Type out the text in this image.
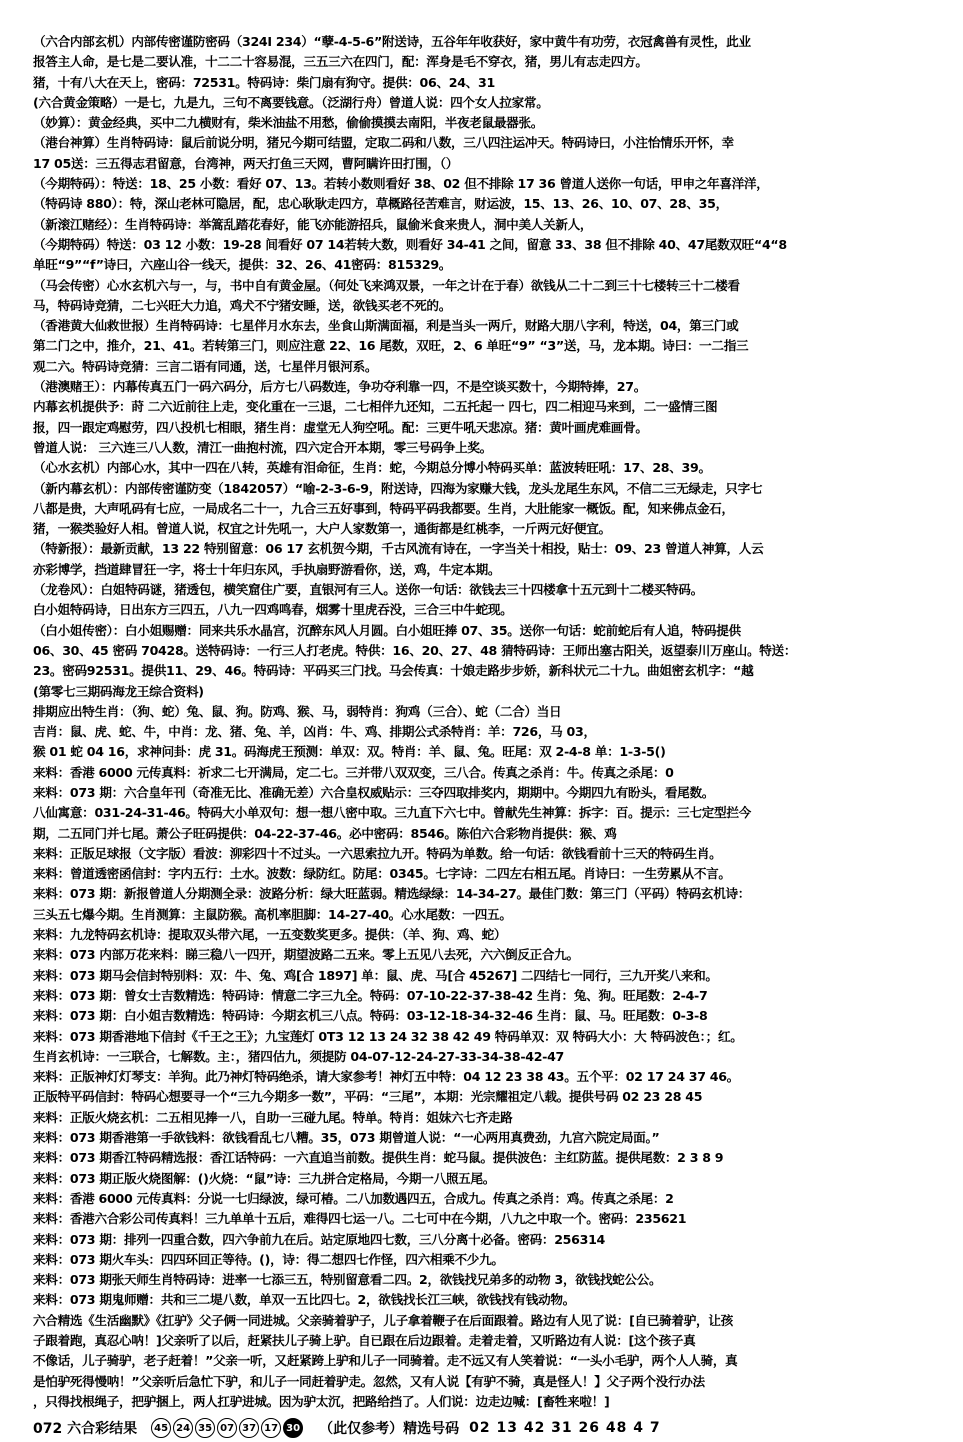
（六合内部玄机）内部传密谨防密码（324I 234）“孽-4-5-6”附送诗，五谷年年收获好，家中黄牛有功劳，衣冠禽兽有灵性，此业
报答主人命，是七是二要认准，十二二十容易混，三五三六在四门，配：浑身是毛不穿衣，猪，男儿有志走四方。
猪，十有八大在天上，密码：72531。特码诗：柴门扇有狗守。提供：06、24、31
(六合黄金策略）一是七，九是九，三句不离要钱意。（泛湖行舟）曾道人说：四个女人拉家常。
（妙算）：黄金经典，买中二九横财有，柴米油盐不用愁，偷偷摸摸去南阳，半夜老鼠最器张。
（港台神算）生肖特码诗：鼠后前说分明，猪兄今期可结盟，定取二码和八数，三八四注运冲天。特码诗曰，小注怡情乐开怀，幸
17 05送：三五得志君留意，台湾神，两天打鱼三天网，曹阿瞒许田打围，（）
（今期特码）：特送：18、25 小数：看好 07、13。若转小数则看好 38、02 但不排除 17 36 曾道人送你一句话，甲申之年喜洋洋，
（特码诗 880）：特，深山老林可隐居，配，忠心耿耿走四方，草概路径苦难言，财运波，15、13、26、10、07、28、35，
（新滚江赌经）：生肖特码诗：举篙乱踏花春好，能飞亦能游招兵，鼠偷米食来贵人，洞中美人关新人，
（今期特码）特送：03 12 小数：19-28 间看好 07 14若转大数，则看好 34-41 之间，留意 33、38 但不排除 40、47尾数双旺“4“8
单旺“9”“f”诗曰，六座山谷一线天，提供：32、26、41密码：815329。
（马会传密）心水玄机六与一，与，书中自有黄金屋。（何处飞来鸿双景，一年之计在于春）欲钱从二十二到三十七楼转三十二楼看
马，特码诗竞猜，二七兴旺大力追，鸡犬不宁猪安睡，送，欲钱买老不死的。
（香港黄大仙救世报）生肖特码诗：七星伴月水东去，坐食山斯满面福，利是当头一两斤，财路大朋八字利，特送，04，第三门或
第二门之中，推介，21、41。若转第三门，则应注意 22、16 尾数，双旺，2、6 单旺“9” “3”送，马，龙本期。诗曰：一二指三
观二六。特码诗竞猜：三言二语有同通，送，七星伴月银河系。
（港澳赌王）：内幕传真五门一码六码分，后方七八码数连，争功夺利靠一四，不是空谈买数十，今期特捧，27。
内幕玄机提供予：莳 二六近前往上走，变化重在一三退，二七相伴九还知，二五托起一 四七，四二相迎马来到，二一盛情三图
报，四一跟定鸡慰劳，四八投机七相眼，猪生肖：虚堂无人狗空吼。配：三更牛吼天悲凉。猪：黄叶画虎难画骨。
曾道人说： 三六连三八人数，清江一曲抱村流，四六定合开本期，零三号码争上奖。
（心水玄机）内部心水，其中一四在八转，英雄有泪命征，生肖：蛇，今期总分博小特码买单：蓝波转旺吼：17、28、39。
（新内幕玄机）：内部传密谨防变（1842057）“喻-2-3-6-9，附送诗，四海为家赚大钱，龙头龙尾生东风，不信二三无绿走，只字七
八都是贵，大声吼码有七应，一局成名二十一，九合三五好事到，特码平码我都要。生肖，大肚能家一概饭。配，知来佛点金石，
猪，一猴类验好人相。曾道人说，权宜之计先吼一，大户人家数第一，通街都是红桃李，一斤两元好便宜。
（特新报）：最新贡献，13 22 特别留意：06 17 玄机贺今期，千古风流有诗在，一字当关十相投，贴士：09、23 曾道人神算，人云
亦彩博学，挡道肆冒狂一字，将士十年归东风，手执扇野游看你，送，鸡，牛定本期。
（龙卷风）：白姐特码谜，猪透包，横笑窟住广要，直银河有三人。送你一句话：欲钱去三十四楼拿十五元到十二楼买特码。
白小姐特码诗，日出东方三四五，八九一四鸡鸣春，烟雾十里虎吞没，三合三中牛蛇现。
（白小姐传密）：白小姐赐赠：同来共乐水晶宫，沉醉东风人月圆。白小姐旺捧 07、35。送你一句话：蛇前蛇后有人追，特码提供
06、30、45 密码 70428。送特码诗：一行三人打老虎。特供：16、20、27、48 猜特码诗：王师出塞古阳关，返望泰川万座山。特送：
23。密码92531。提供11、29、46。特码诗：平码买三门找。马会传真：十娘走路步步娇，新科状元二十九。曲姐密玄机字：“越
(第零七三期码海龙王综合资料)
排期应出特生肖：（狗、蛇）兔、鼠、狗。防鸡、猴、马，弱特肖：狗鸡（三合）、蛇（二合）当日
吉肖：鼠、虎、蛇、牛，中肖：龙、猪、兔、羊，凶肖：牛、鸡、排期公式杀特肖：羊：726，马 03，
猴 01 蛇 04 16，求神问卦：虎 31。码海虎王预测：单双：双。特肖：羊、鼠、兔。旺尾：双 2-4-8 单：1-3-5()
来料：香港 6000 元传真料：祈求二七开满局，定二七。三并带八双双变，三八合。传真之杀肖：牛。传真之杀尾：0
来料：073 期：六合皇年刊（奇准无比、准确无差）六合皇权威贴示：三夺四取排奖内，期期中。今期四九有盼头，看尾数。
八仙寓意：031-24-31-46。特码大小单双句：想一想八密中取。三九直下六七中。曾献先生神算：拆字：百。提示：三七定型拦今
期，二五同门并七尾。萧公子旺码提供：04-22-37-46。必中密码：8546。陈伯六合彩物肖提供：猴、鸡
来料：正版足球报（文字版）看波：泖彩四十不过头。一六思索拉九开。特码为单数。给一句话：欲钱看前十三天的特码生肖。
来料：曾道透密函信封：字内五行：土水。波数：绿防红。防尾：0345。七字诗：二四左右相五尾。肖诗曰：一生劳累从不言。
来料：073 期：新报曾道人分期测全录：波路分析：绿大旺蓝弱。精选绿绿：14-34-27。最佳门数：第三门（平码）特码玄机诗：
三头五七爆今期。生肖测算：主鼠防猴。高机率胆脚：14-27-40。心水尾数：一四五。
来料：九龙特码玄机诗：提取双头带六尾，一五变数奖更多。提供：（羊、狗、鸡、蛇）
来料：073 内部万花来料：睇三稳八一四开，期望波路二五来。零上五见八去死，六六倒反正合九。
来料：073 期马会信封特别料：双：牛、兔、鸡[合 1897] 单：鼠、虎、马[合 45267] 二四结七一同行，三九开奖八来和。
来料：073 期：曾女士吉数精选：特码诗：情意二字三九全。特码：07-10-22-37-38-42 生肖：兔、狗。旺尾数：2-4-7
来料：073 期：白小姐吉数精选：特码诗：今期玄机三八点。特码：03-12-18-34-32-46 生肖：鼠、马。旺尾数：0-3-8
来料：073 期香港地下信封《千王之王》；九宝莲灯 0T3 12 13 24 32 38 42 49 特码单双：双 特码大小：大 特码波色：；红。
生肖玄机诗：一三联合，七解数。主：，猪四估九，须提防 04-07-12-24-27-33-34-38-42-47
来料：正版神灯灯琴支：羊狗。此乃神灯特码绝杀，请大家参考！神灯五中特：04 12 23 38 43。五个平：02 17 24 37 46。
正版特平码信封：特码心想要寻一个“三九今期多一数”，平码：“三尾”，本期：光宗耀祖定八载。提供号码 02 23 28 45
来料：正版火烧玄机：二五相见捧一八，自助一三碰九尾。特单。特肖：姐妹六七齐走路
来料：073 期香港第一手欲钱料：欲钱看乱七八糟。35，073 期曾道人说：“一心两用真费劲，九宫六院定局面。”
来料：073 期香江特码精选报：香江话特码：一六直追当前数。提供生肖：蛇马鼠。提供波色：主红防蓝。提供尾数：2 3 8 9
来料：073 期正版火烧图解：()火烧：“鼠”诗：三九拼合定格局，今期一八照五尾。
来料：香港 6000 元传真料：分说一七归绿波，绿可椿。二八加数遇四五，合成九。传真之杀肖：鸡。传真之杀尾：2
来料：香港六合彩公司传真料！三九单单十五后，难得四七运一八。二七可中在今期，八九之中取一个。密码：235621
来料：073 期：排列一四重合数，四六争前九在后。站定原地四七数，三八分离十必备。密码：256314
来料：073 期火车头：四四环回正等待。()，诗：得二想四七作怪，四六相乘不少九。
来料：073 期张天师生肖特码诗：进率一七添三五，特别留意看二四。2，欲钱找兄弟多的动物 3，欲钱找蛇公公。
来料：073 期鬼师赠：共和三二堤八数，单双一五比四七。2，欲钱找长江三峡，欲钱找有钱动物。
六合精选《生活幽默》《扛驴》父子俩一同进城。父亲骑着驴子，儿子拿着鞭子在后面跟着。路边有人见了说：[自已骑着驴，让孩
子跟着跑，真忍心呐！]父亲听了以后，赶紧扶儿子骑上驴。自已跟在后边跟着。走着走着，又听路边有人说：[这个孩子真
不像话，儿子骑驴，老子赶着！”父亲一听，又赶紧跨上驴和儿子一同骑着。走不远又有人笑着说：“一头小毛驴，两个人人骑，真
是怕驴死得慢呐！”父亲听后急忙下驴，和儿子一同赶着驴走。忽然，又有人说【有驴不骑，真是怪人！】父子两个没行办法
，只得找根绳子，把驴捆上，两人扛驴进城。因为驴太沉，把路给挡了。人们说：边走边喊：[畜牲来啦！]
072 六合彩结果	45 24 35 07 37 17 30 （此仅参考）精选号码 02 13 42 31 26 48 4 7
